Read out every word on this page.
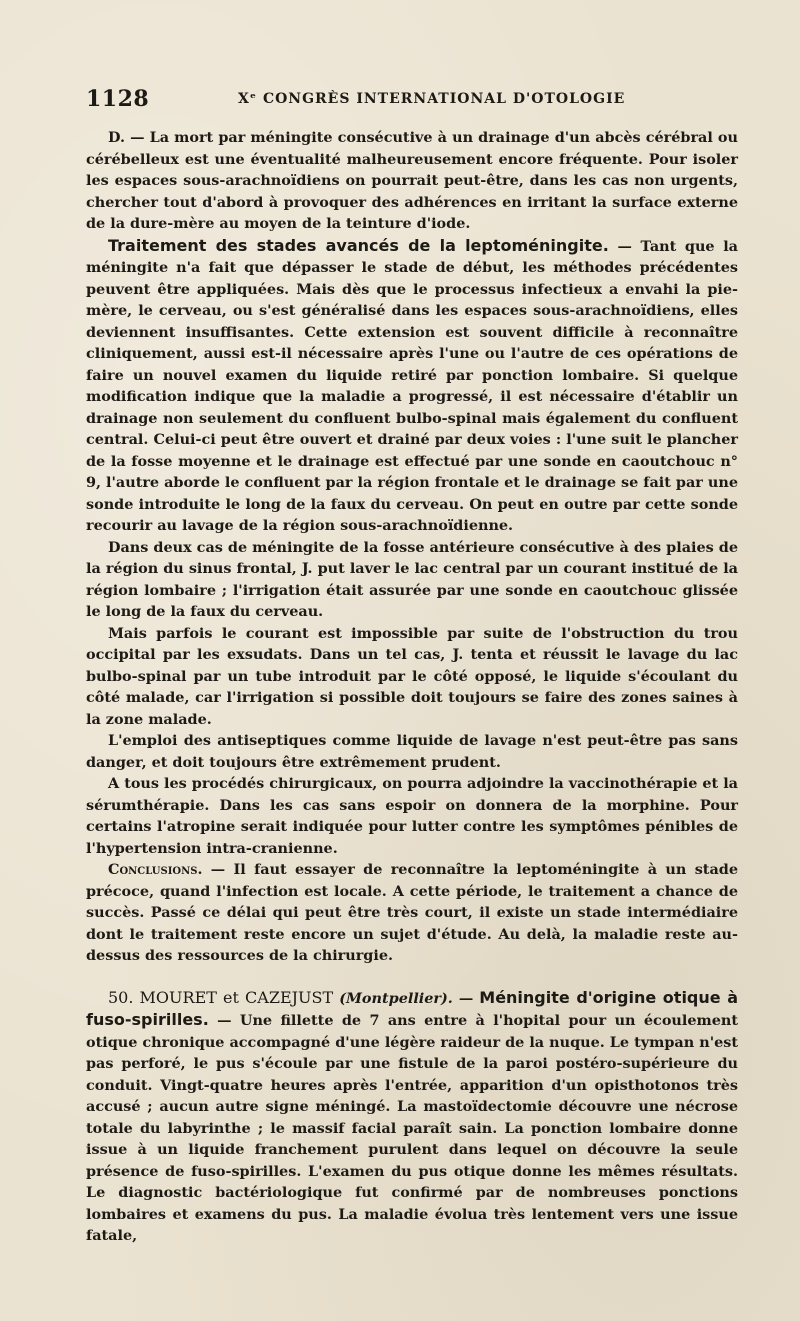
1128	Xᵉ CONGRÈS INTERNATIONAL D'OTOLOGIE

D. — La mort par méningite consécutive à un drainage d'un abcès cérébral ou cérébelleux est une éventualité malheureusement encore fréquente. Pour isoler les espaces sous-arachnoïdiens on pourrait peut-être, dans les cas non urgents, chercher tout d'abord à provoquer des adhérences en irritant la surface externe de la dure-mère au moyen de la teinture d'iode.

Traitement des stades avancés de la leptoméningite. — Tant que la méningite n'a fait que dépasser le stade de début, les méthodes précédentes peuvent être appliquées. Mais dès que le processus infectieux a envahi la pie-mère, le cerveau, ou s'est généralisé dans les espaces sous-arachnoïdiens, elles deviennent insuffisantes. Cette extension est souvent difficile à reconnaître cliniquement, aussi est-il nécessaire après l'une ou l'autre de ces opérations de faire un nouvel examen du liquide retiré par ponction lombaire. Si quelque modification indique que la maladie a progressé, il est nécessaire d'établir un drainage non seulement du confluent bulbo-spinal mais également du confluent central. Celui-ci peut être ouvert et drainé par deux voies : l'une suit le plancher de la fosse moyenne et le drainage est effectué par une sonde en caoutchouc n° 9, l'autre aborde le confluent par la région frontale et le drainage se fait par une sonde introduite le long de la faux du cerveau. On peut en outre par cette sonde recourir au lavage de la région sous-arachnoïdienne.

Dans deux cas de méningite de la fosse antérieure consécutive à des plaies de la région du sinus frontal, J. put laver le lac central par un courant institué de la région lombaire ; l'irrigation était assurée par une sonde en caoutchouc glissée le long de la faux du cerveau.

Mais parfois le courant est impossible par suite de l'obstruction du trou occipital par les exsudats. Dans un tel cas, J. tenta et réussit le lavage du lac bulbo-spinal par un tube introduit par le côté opposé, le liquide s'écoulant du côté malade, car l'irrigation si possible doit toujours se faire des zones saines à la zone malade.

L'emploi des antiseptiques comme liquide de lavage n'est peut-être pas sans danger, et doit toujours être extrêmement prudent.

A tous les procédés chirurgicaux, on pourra adjoindre la vaccinothérapie et la sérumthérapie. Dans les cas sans espoir on donnera de la morphine. Pour certains l'atropine serait indiquée pour lutter contre les symptômes pénibles de l'hypertension intra-cranienne.

Conclusions. — Il faut essayer de reconnaître la leptoméningite à un stade précoce, quand l'infection est locale. A cette période, le traitement a chance de succès. Passé ce délai qui peut être très court, il existe un stade intermédiaire dont le traitement reste encore un sujet d'étude. Au delà, la maladie reste au-dessus des ressources de la chirurgie.

50. MOURET et CAZEJUST (Montpellier). — Méningite d'origine otique à fuso-spirilles. — Une fillette de 7 ans entre à l'hopital pour un écoulement otique chronique accompagné d'une légère raideur de la nuque. Le tympan n'est pas perforé, le pus s'écoule par une fistule de la paroi postéro-supérieure du conduit. Vingt-quatre heures après l'entrée, apparition d'un opisthotonos très accusé ; aucun autre signe méningé. La mastoïdectomie découvre une nécrose totale du labyrinthe ; le massif facial paraît sain. La ponction lombaire donne issue à un liquide franchement purulent dans lequel on découvre la seule présence de fuso-spirilles. L'examen du pus otique donne les mêmes résultats. Le diagnostic bactériologique fut confirmé par de nombreuses ponctions lombaires et examens du pus. La maladie évolua très lentement vers une issue fatale,
